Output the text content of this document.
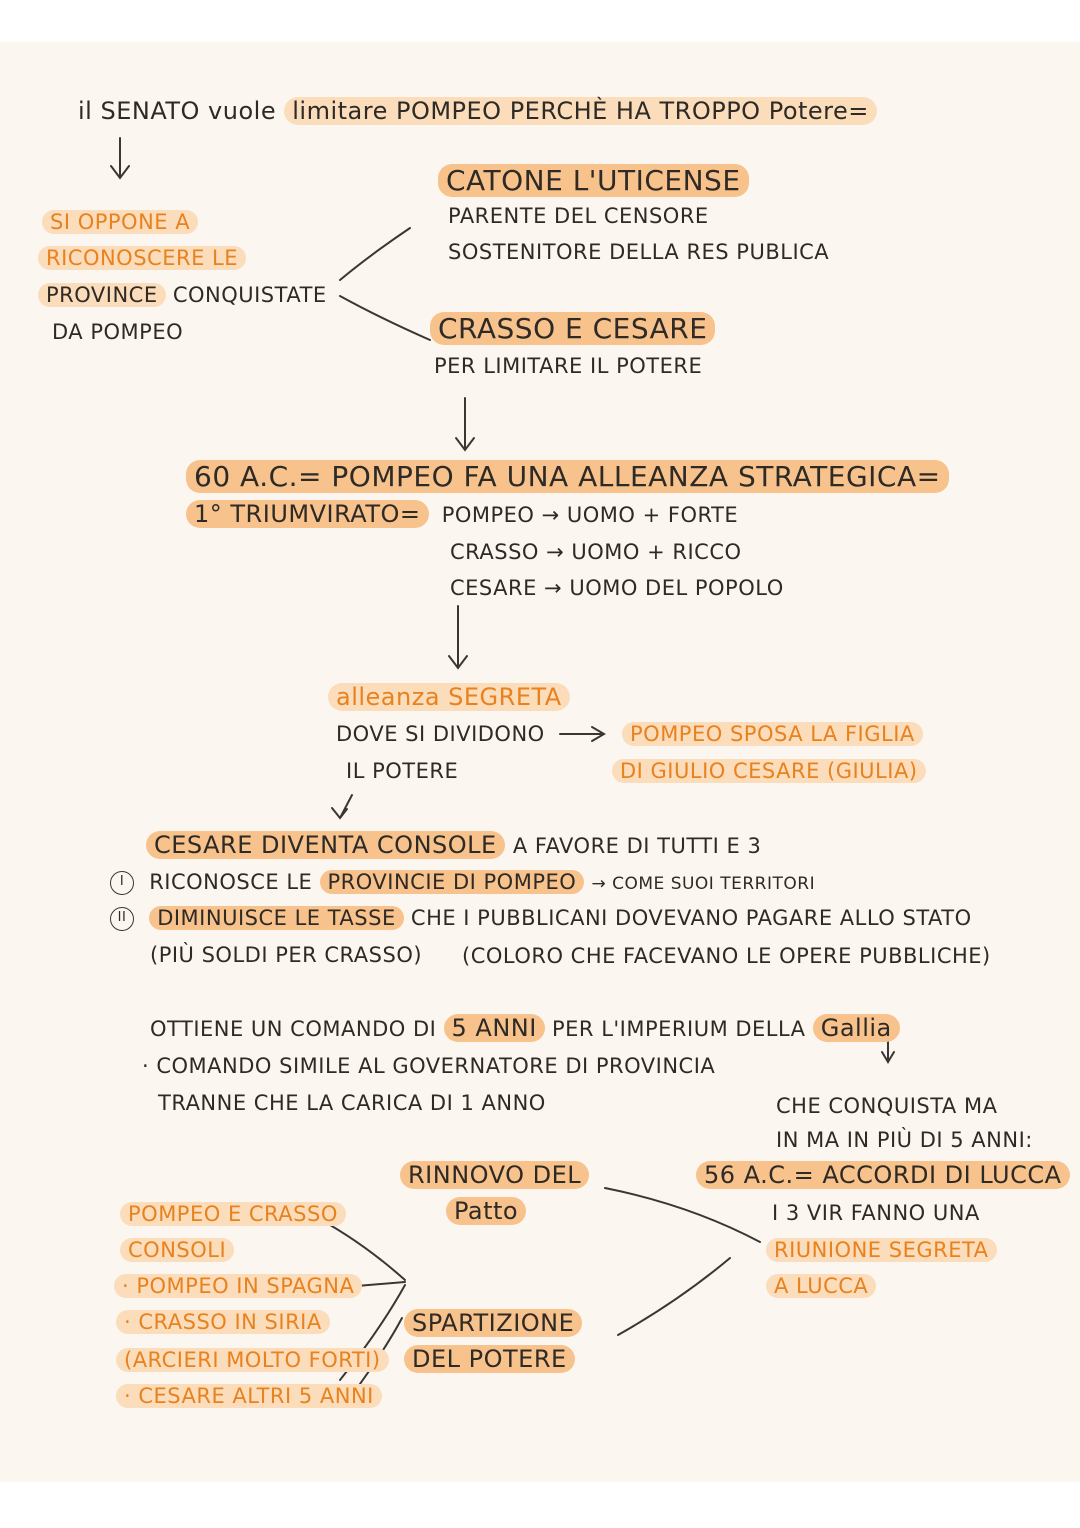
il SENATO vuole limitare POMPEO PERCHÈ HA TROPPO Potere=
SI OPPONE A
RICONOSCERE LE
PROVINCE CONQUISTATE
DA POMPEO
CATONE L'UTICENSE
PARENTE DEL CENSORE
SOSTENITORE DELLA RES PUBLICA
CRASSO E CESARE
PER LIMITARE IL POTERE
60 A.C.= POMPEO FA UNA ALLEANZA STRATEGICA=
1° TRIUMVIRATO= POMPEO → UOMO + FORTE
CRASSO → UOMO + RICCO
CESARE → UOMO DEL POPOLO
alleanza SEGRETA
DOVE SI DIVIDONO
IL POTERE
POMPEO SPOSA LA FIGLIA
DI GIULIO CESARE (GIULIA)
CESARE DIVENTA CONSOLE A FAVORE DI TUTTI E 3
I RICONOSCE LE PROVINCIE DI POMPEO → COME SUOI TERRITORI
II DIMINUISCE LE TASSE CHE I PUBBLICANI DOVEVANO PAGARE ALLO STATO
(PIÙ SOLDI PER CRASSO) (COLORO CHE FACEVANO LE OPERE PUBBLICHE)
OTTIENE UN COMANDO DI 5 ANNI PER L'IMPERIUM DELLA Gallia
· COMANDO SIMILE AL GOVERNATORE DI PROVINCIA
TRANNE CHE LA CARICA DI 1 ANNO	CHE CONQUISTA MA
IN MA IN PIÙ DI 5 ANNI:
56 A.C.= ACCORDI DI LUCCA
I 3 VIR FANNO UNA
RIUNIONE SEGRETA
A LUCCA
RINNOVO DEL
Patto
SPARTIZIONE
DEL POTERE
POMPEO E CRASSO
CONSOLI
· POMPEO IN SPAGNA
· CRASSO IN SIRIA
(ARCIERI MOLTO FORTI)
· CESARE ALTRI 5 ANNI
